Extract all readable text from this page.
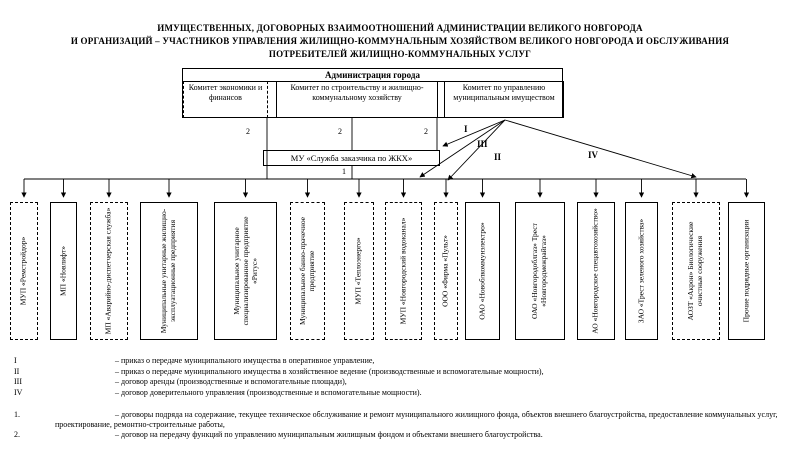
ИМУЩЕСТВЕННЫХ, ДОГОВОРНЫХ ВЗАИМООТНОШЕНИЙ АДМИНИСТРАЦИИ ВЕЛИКОГО НОВГОРОДА
И ОРГАНИЗАЦИЙ – УЧАСТНИКОВ УПРАВЛЕНИЯ ЖИЛИЩНО-КОММУНАЛЬНЫМ ХОЗЯЙСТВОМ ВЕЛИКОГО НОВГОРОДА И ОБСЛУЖИВАНИЯ
ПОТРЕБИТЕЛЕЙ ЖИЛИЩНО-КОММУНАЛЬНЫХ УСЛУГ
Администрация города
Комитет экономики и финансов
Комитет по строительству и жилищно-коммунальному хозяйству
Комитет по управлению муниципальным имуществом
МУ «Служба заказчика по ЖКХ»
2	2	2
1
I
III
II	IV
МУП «Ремстройдор»	МП «Новлифт»	МП «Аварийно-диспетчерская служба»	Муниципальные унитарные жилищно-эксплуатационные предприятия	Муниципальное унитарное специализированное предприятие «Ритус»	Муниципальное банно-прачечное предприятие	МУП «Теплоэнерго»	МУП «Новгородский водоканал»	ООО «Фирма «Пульт»	ОАО «Новоблкоммунэлектро»	ОАО «Новгородоблгаз» Трест «Новгородмежрайгаз»	АО «Новгородское спецавтохозяйство»	ЗАО «Трест зеленого хозяйства»	АОЗТ «Акрон» Биологические очистные сооружения	Прочие подрядные организации
I	– приказ о передаче муниципального имущества в оперативное управление,
II	– приказ о передаче муниципального имущества в хозяйственное ведение (производственные и вспомогательные мощности),
III	– договор аренды (производственные и вспомогательные площади),
IV	– договор доверительного управления (производственные и вспомогательные мощности).
1.	– договоры подряда на содержание, текущее техническое обслуживание и ремонт муниципального жилищного фонда, объектов внешнего благоустройства, предоставление коммунальных услуг, проектирование, ремонтно-строительные работы,
2.	– договор на передачу функций по управлению муниципальным жилищным фондом и объектами внешнего благоустройства.
